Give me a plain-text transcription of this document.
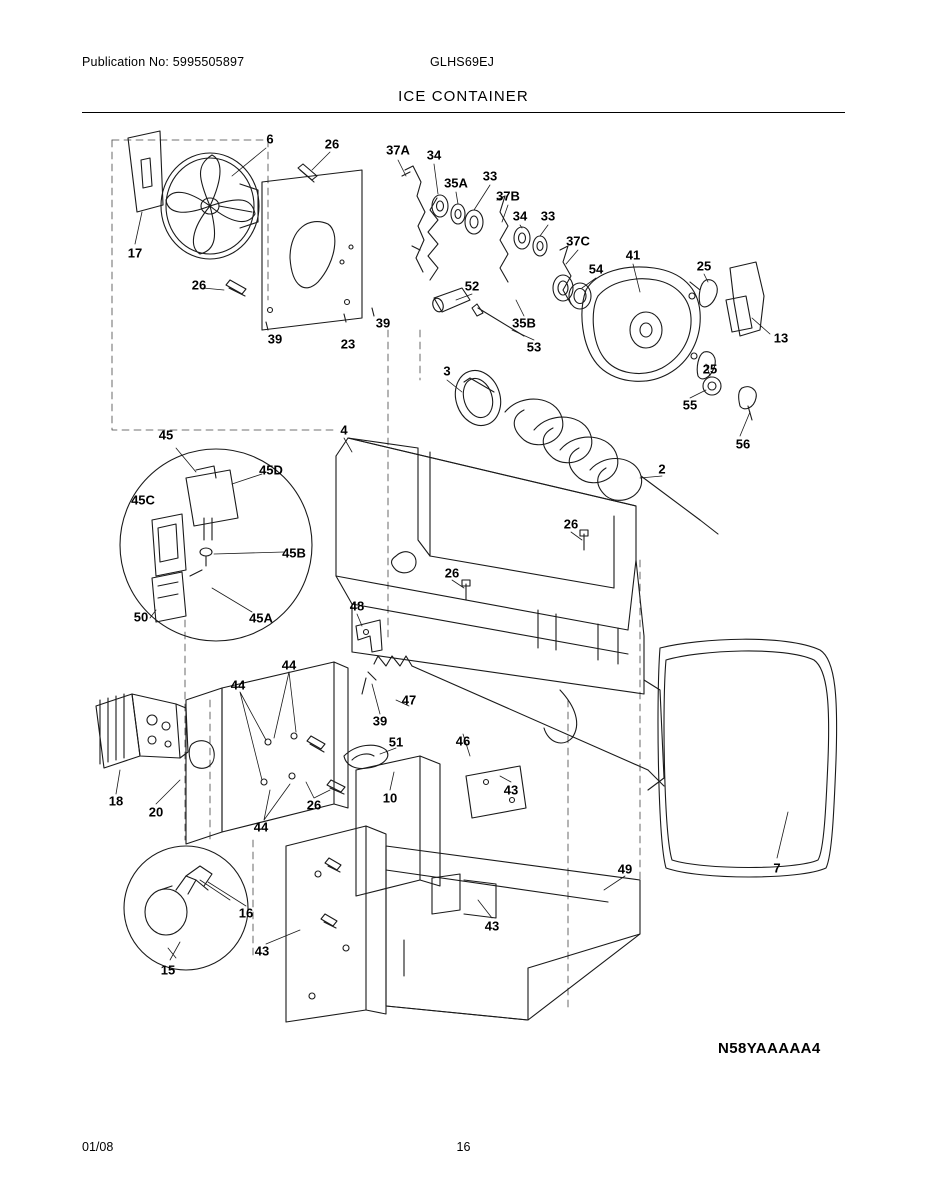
Publication No: 5995505897	GLHS69EJ
ICE CONTAINER
6	26	37A 34
35A 33
37B
34 33
37C
41
54	25
17
26	52
13
39	23
39	35B
53
25
55
56
3
4
45
45D	2
45C
26
45B
26
45A
50
48
44
44
47
39
46
51
18
20	26
44
10
43
7
49
16
43
43
15
N58YAAAAA4
01/08	16
